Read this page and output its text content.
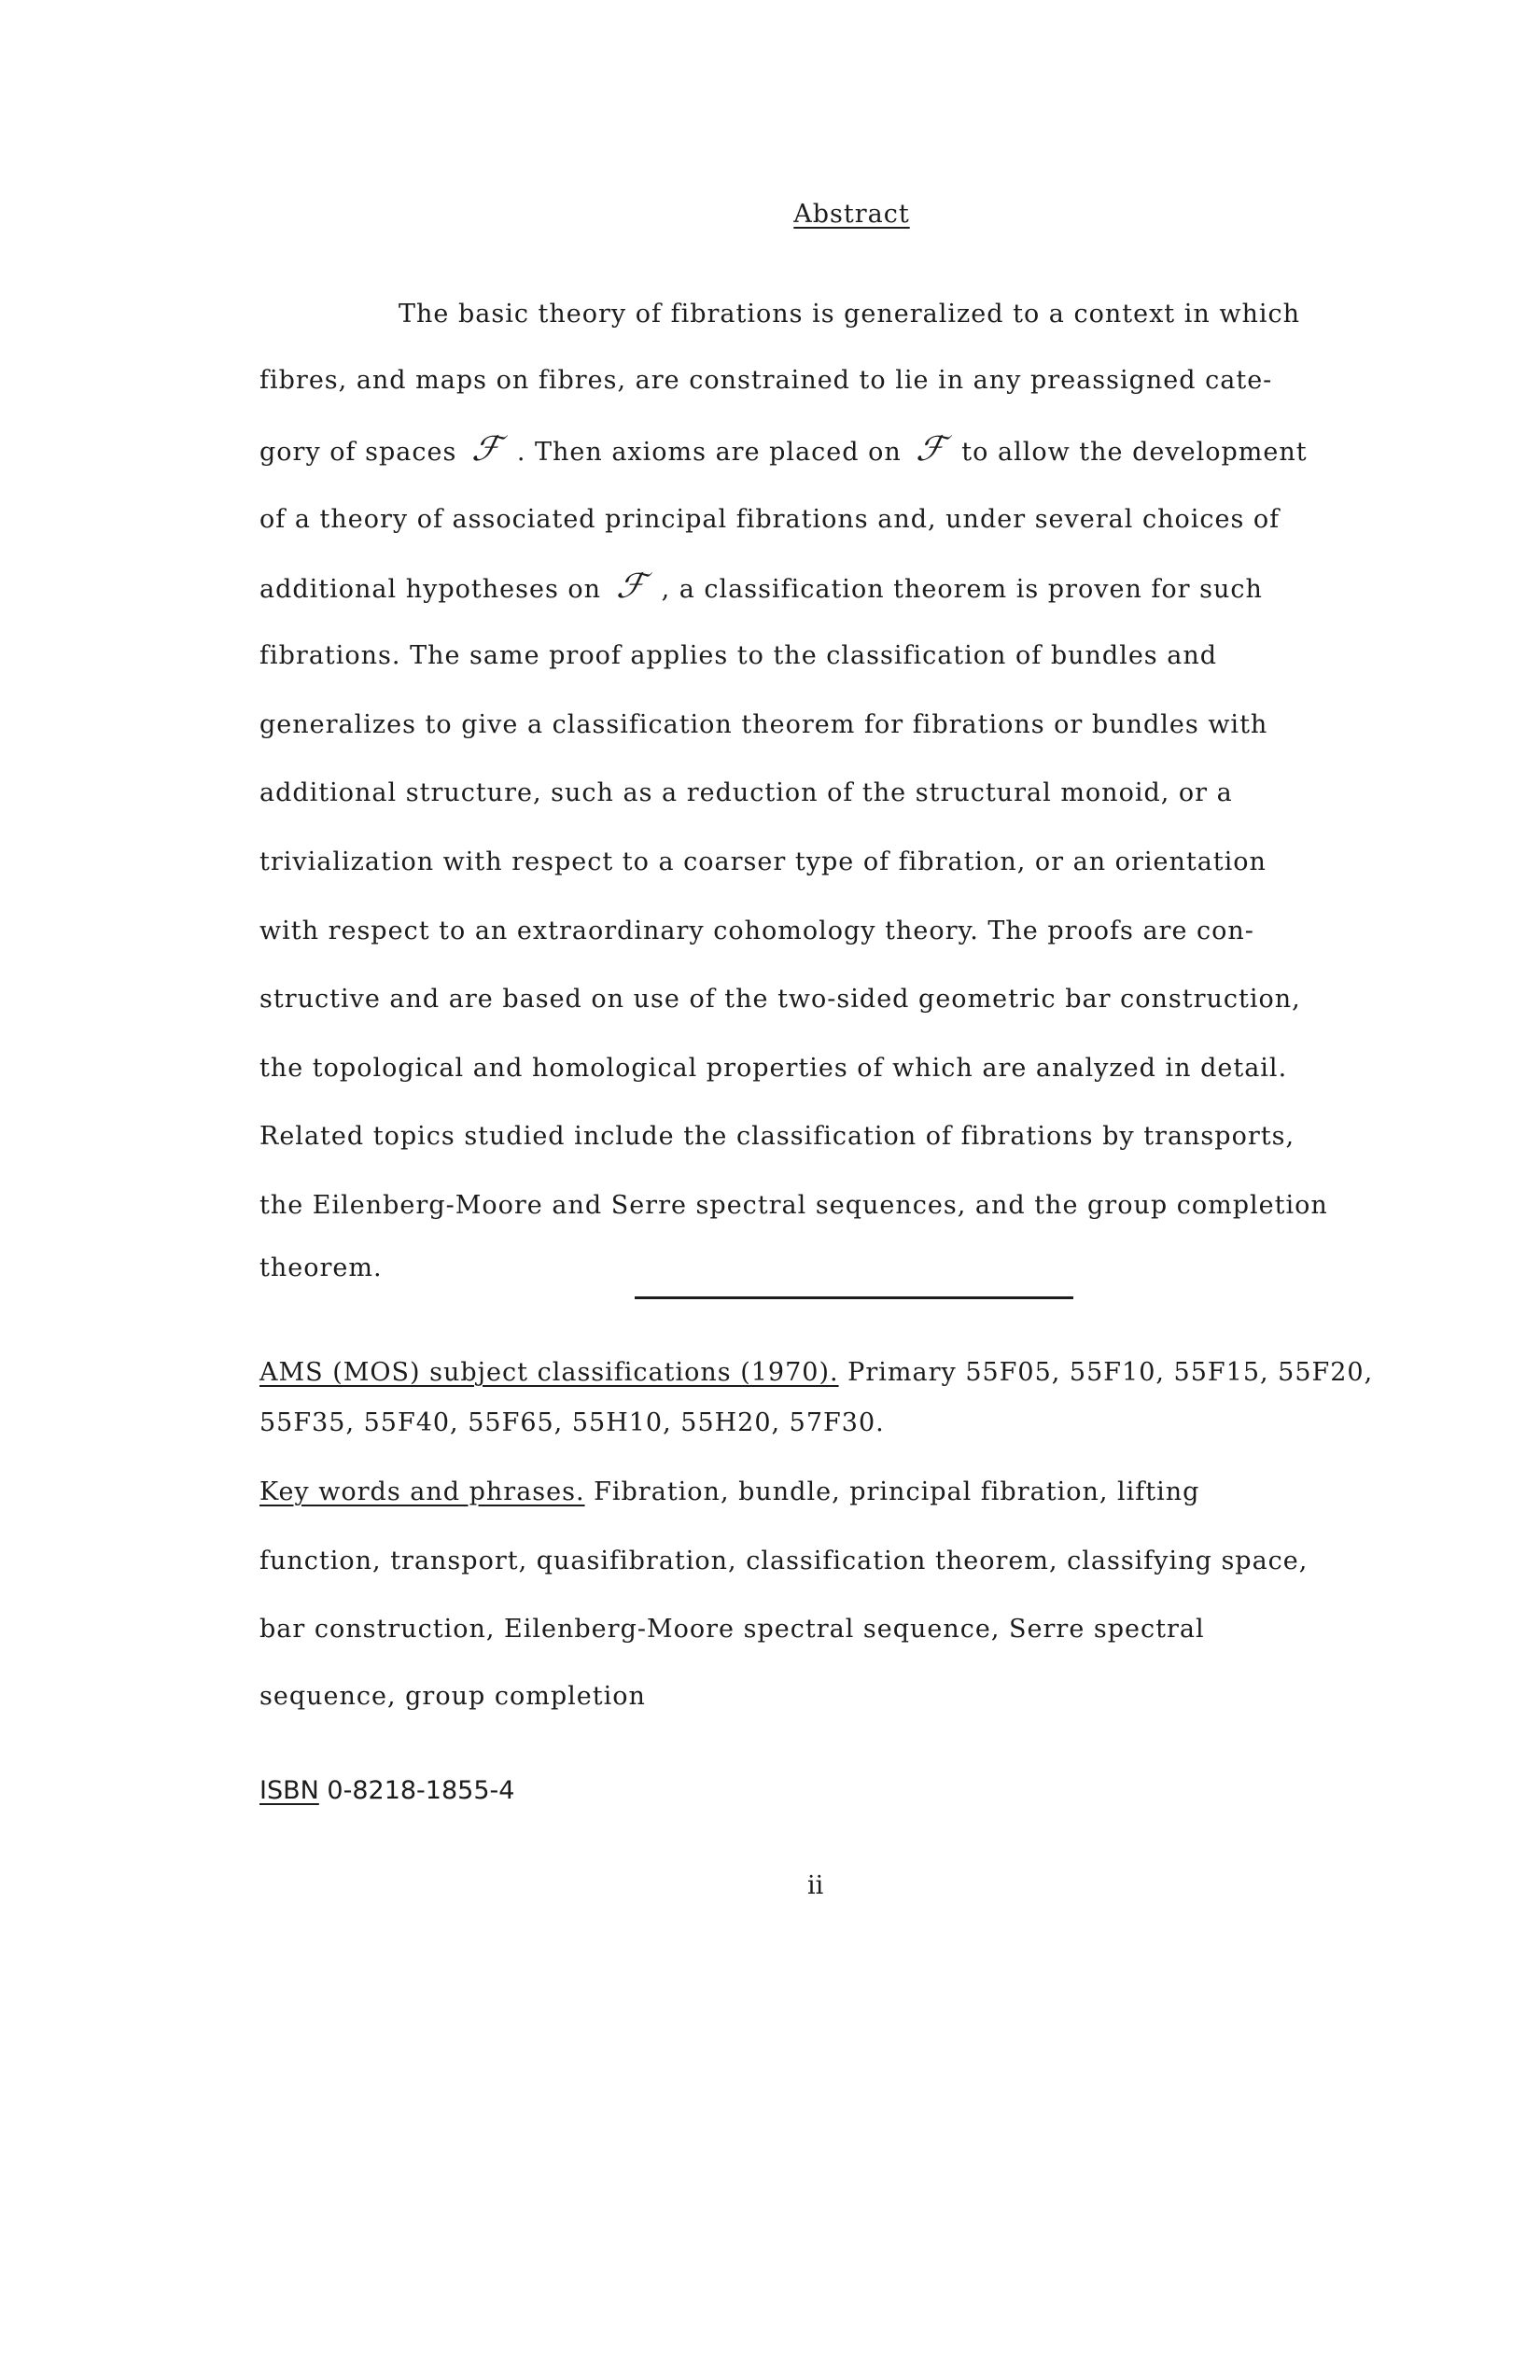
Abstract
The basic theory of fibrations is generalized to a context in which
fibres, and maps on fibres, are constrained to lie in any preassigned cate-
gory of spaces ℱ . Then axioms are placed on ℱ to allow the development
of a theory of associated principal fibrations and, under several choices of
additional hypotheses on ℱ , a classification theorem is proven for such
fibrations. The same proof applies to the classification of bundles and
generalizes to give a classification theorem for fibrations or bundles with
additional structure, such as a reduction of the structural monoid, or a
trivialization with respect to a coarser type of fibration, or an orientation
with respect to an extraordinary cohomology theory. The proofs are con-
structive and are based on use of the two-sided geometric bar construction,
the topological and homological properties of which are analyzed in detail.
Related topics studied include the classification of fibrations by transports,
the Eilenberg-Moore and Serre spectral sequences, and the group completion
theorem.
AMS (MOS) subject classifications (1970). Primary 55F05, 55F10, 55F15, 55F20,
55F35, 55F40, 55F65, 55H10, 55H20, 57F30.
Key words and phrases. Fibration, bundle, principal fibration, lifting
function, transport, quasifibration, classification theorem, classifying space,
bar construction, Eilenberg-Moore spectral sequence, Serre spectral
sequence, group completion
ISBN 0-8218-1855-4
ii
